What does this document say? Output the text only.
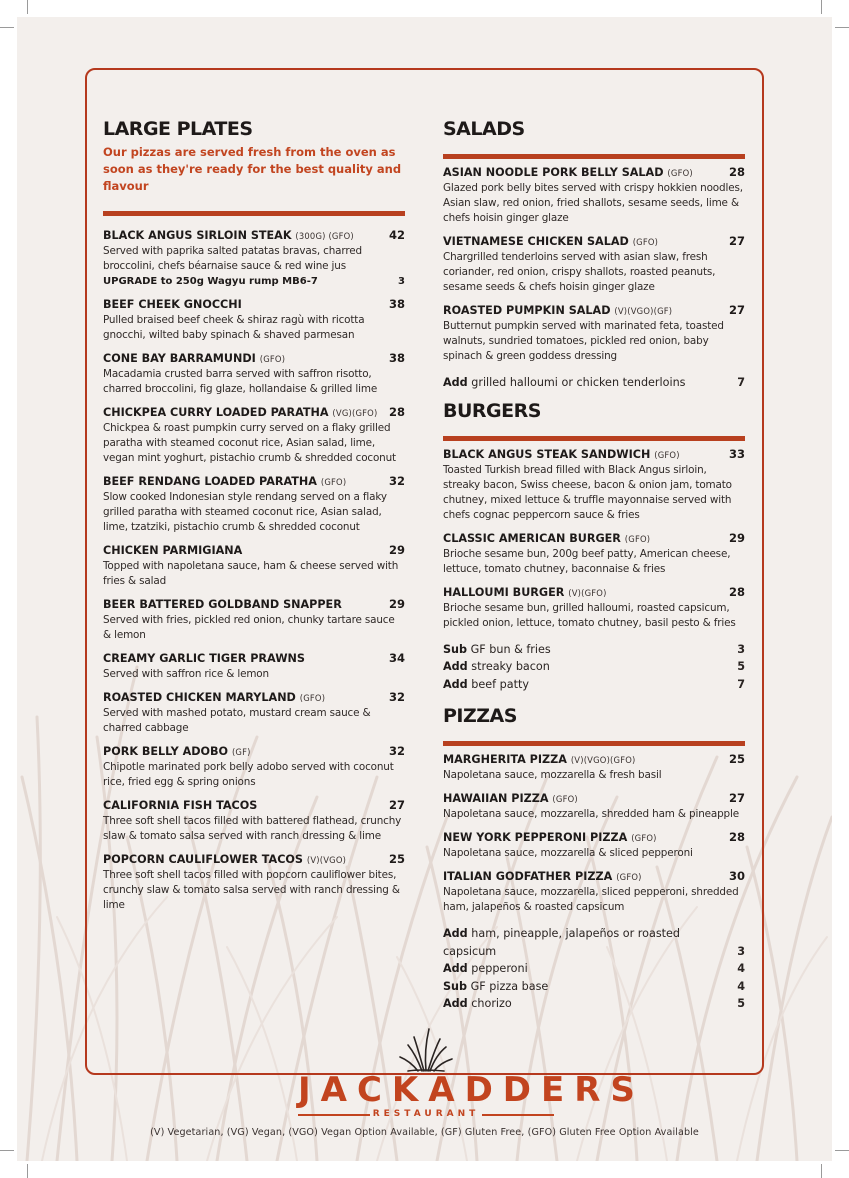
LARGE PLATES
Our pizzas are served fresh from the oven as soon as they're ready for the best quality and flavour
BLACK ANGUS SIRLOIN STEAK (300G) (GFO)	42
Served with paprika salted patatas bravas, charred broccolini, chefs béarnaise sauce & red wine jus
UPGRADE to 250g Wagyu rump MB6-7	3
BEEF CHEEK GNOCCHI	38
Pulled braised beef cheek & shiraz ragù with ricotta gnocchi, wilted baby spinach & shaved parmesan
CONE BAY BARRAMUNDI (GFO)	38
Macadamia crusted barra served with saffron risotto, charred broccolini, fig glaze, hollandaise & grilled lime
CHICKPEA CURRY LOADED PARATHA (VG)(GFO) 28
Chickpea & roast pumpkin curry served on a flaky grilled paratha with steamed coconut rice, Asian salad, lime, vegan mint yoghurt, pistachio crumb & shredded coconut
BEEF RENDANG LOADED PARATHA (GFO)	32
Slow cooked Indonesian style rendang served on a flaky grilled paratha with steamed coconut rice, Asian salad, lime, tzatziki, pistachio crumb & shredded coconut
CHICKEN PARMIGIANA	29
Topped with napoletana sauce, ham & cheese served with fries & salad
BEER BATTERED GOLDBAND SNAPPER	29
Served with fries, pickled red onion, chunky tartare sauce & lemon
CREAMY GARLIC TIGER PRAWNS	34
Served with saffron rice & lemon
ROASTED CHICKEN MARYLAND (GFO)	32
Served with mashed potato, mustard cream sauce & charred cabbage
PORK BELLY ADOBO (GF)	32
Chipotle marinated pork belly adobo served with coconut rice, fried egg & spring onions
CALIFORNIA FISH TACOS	27
Three soft shell tacos filled with battered flathead, crunchy slaw & tomato salsa served with ranch dressing & lime
POPCORN CAULIFLOWER TACOS (V)(VGO)	25
Three soft shell tacos filled with popcorn cauliflower bites, crunchy slaw & tomato salsa served with ranch dressing & lime
SALADS
ASIAN NOODLE PORK BELLY SALAD (GFO)	28
Glazed pork belly bites served with crispy hokkien noodles, Asian slaw, red onion, fried shallots, sesame seeds, lime & chefs hoisin ginger glaze
VIETNAMESE CHICKEN SALAD (GFO)	27
Chargrilled tenderloins served with asian slaw, fresh coriander, red onion, crispy shallots, roasted peanuts, sesame seeds & chefs hoisin ginger glaze
ROASTED PUMPKIN SALAD (V)(VGO)(GF)	27
Butternut pumpkin served with marinated feta, toasted walnuts, sundried tomatoes, pickled red onion, baby spinach & green goddess dressing
Add grilled halloumi or chicken tenderloins	7
BURGERS
BLACK ANGUS STEAK SANDWICH (GFO)	33
Toasted Turkish bread filled with Black Angus sirloin, streaky bacon, Swiss cheese, bacon & onion jam, tomato chutney, mixed lettuce & truffle mayonnaise served with chefs cognac peppercorn sauce & fries
CLASSIC AMERICAN BURGER (GFO)	29
Brioche sesame bun, 200g beef patty, American cheese, lettuce, tomato chutney, baconnaise & fries
HALLOUMI BURGER (V)(GFO)	28
Brioche sesame bun, grilled halloumi, roasted capsicum, pickled onion, lettuce, tomato chutney, basil pesto & fries
Sub GF bun & fries	3
Add streaky bacon	5
Add beef patty	7
PIZZAS
MARGHERITA PIZZA (V)(VGO)(GFO)	25
Napoletana sauce, mozzarella & fresh basil
HAWAIIAN PIZZA (GFO)	27
Napoletana sauce, mozzarella, shredded ham & pineapple
NEW YORK PEPPERONI PIZZA (GFO)	28
Napoletana sauce, mozzarella & sliced pepperoni
ITALIAN GODFATHER PIZZA (GFO)	30
Napoletana sauce, mozzarella, sliced pepperoni, shredded ham, jalapeños & roasted capsicum
Add ham, pineapple, jalapeños or roasted
capsicum	3
Add pepperoni	4
Sub GF pizza base	4
Add chorizo	5
JACKADDERS
RESTAURANT
(V) Vegetarian, (VG) Vegan, (VGO) Vegan Option Available, (GF) Gluten Free, (GFO) Gluten Free Option Available
